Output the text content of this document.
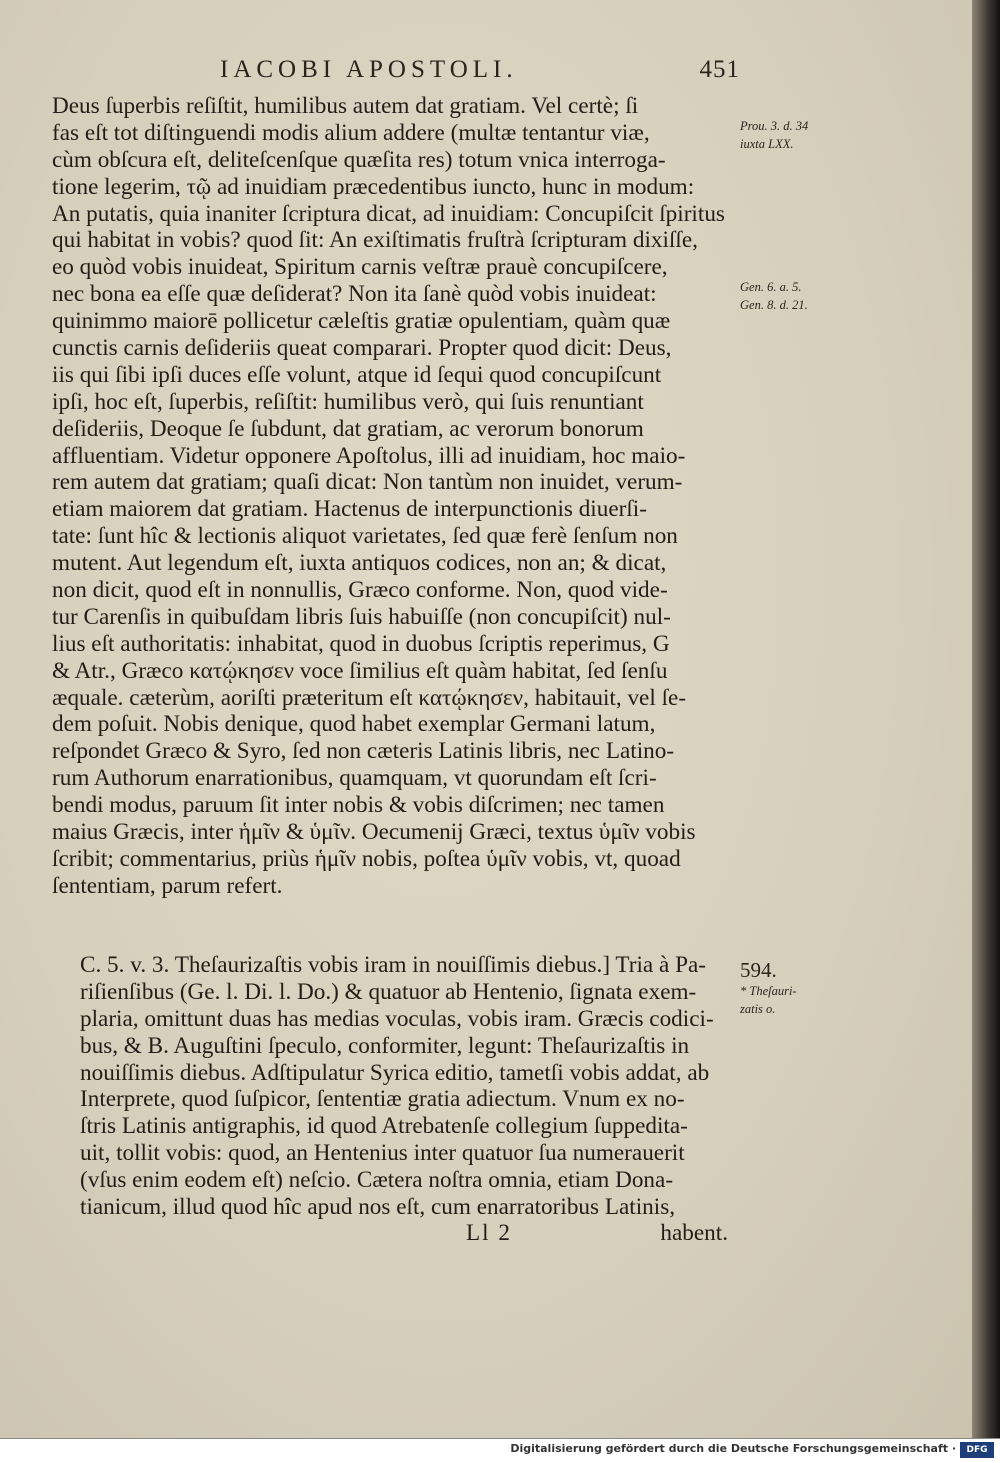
IACOBI APOSTOLI.	451
Deus ſuperbis reſiſtit, humilibus autem dat gratiam. Vel certè; ſi
fas eſt tot diſtinguendi modis alium addere (multæ tentantur viæ,
cùm obſcura eſt, deliteſcenſque quæſita res) totum vnica interroga-
tione legerim, τῷ ad inuidiam præcedentibus iuncto, hunc in modum:
An putatis, quia inaniter ſcriptura dicat, ad inuidiam: Concupiſcit ſpiritus
qui habitat in vobis? quod ſit: An exiſtimatis fruſtrà ſcripturam dixiſſe,
eo quòd vobis inuideat, Spiritum carnis veſtræ prauè concupiſcere,
nec bona ea eſſe quæ deſiderat? Non ita ſanè quòd vobis inuideat:
quinimmo maiorē pollicetur cæleſtis gratiæ opulentiam, quàm quæ
cunctis carnis deſideriis queat comparari. Propter quod dicit: Deus,
iis qui ſibi ipſi duces eſſe volunt, atque id ſequi quod concupiſcunt
ipſi, hoc eſt, ſuperbis, reſiſtit: humilibus verò, qui ſuis renuntiant
deſideriis, Deoque ſe ſubdunt, dat gratiam, ac verorum bonorum
affluentiam. Videtur opponere Apoſtolus, illi ad inuidiam, hoc maio-
rem autem dat gratiam; quaſi dicat: Non tantùm non inuidet, verum-
etiam maiorem dat gratiam. Hactenus de interpunctionis diuerſi-
tate: ſunt hîc & lectionis aliquot varietates, ſed quæ ferè ſenſum non
mutent. Aut legendum eſt, iuxta antiquos codices, non an; & dicat,
non dicit, quod eſt in nonnullis, Græco conforme. Non, quod vide-
tur Carenſis in quibuſdam libris ſuis habuiſſe (non concupiſcit) nul-
lius eſt authoritatis: inhabitat, quod in duobus ſcriptis reperimus, G
& Atr., Græco κατῴκησεν voce ſimilius eſt quàm habitat, ſed ſenſu
æquale. cæterùm, aoriſti præteritum eſt κατῴκησεν, habitauit, vel ſe-
dem poſuit. Nobis denique, quod habet exemplar Germani latum,
reſpondet Græco & Syro, ſed non cæteris Latinis libris, nec Latino-
rum Authorum enarrationibus, quamquam, vt quorundam eſt ſcri-
bendi modus, paruum ſit inter nobis & vobis diſcrimen; nec tamen
maius Græcis, inter ἡμῖν & ὑμῖν. Oecumenij Græci, textus ὑμῖν vobis
ſcribit; commentarius, priùs ἡμῖν nobis, poſtea ὑμῖν vobis, vt, quoad
ſententiam, parum refert.
C. 5. v. 3. Theſaurizaſtis vobis iram in nouiſſimis diebus.] Tria à Pa-
riſienſibus (Ge. l. Di. l. Do.) & quatuor ab Hentenio, ſignata exem-
plaria, omittunt duas has medias voculas, vobis iram. Græcis codici-
bus, & B. Auguſtini ſpeculo, conformiter, legunt: Theſaurizaſtis in
nouiſſimis diebus. Adſtipulatur Syrica editio, tametſi vobis addat, ab
Interprete, quod ſuſpicor, ſententiæ gratia adiectum. Vnum ex no-
ſtris Latinis antigraphis, id quod Atrebatenſe collegium ſuppedita-
uit, tollit vobis: quod, an Hentenius inter quatuor ſua numerauerit
(vſus enim eodem eſt) neſcio. Cætera noſtra omnia, etiam Dona-
tianicum, illud quod hîc apud nos eſt, cum enarratoribus Latinis,
Prou. 3. d. 34
iuxta LXX.
Gen. 6. a. 5.
Gen. 8. d. 21.
594.
* Theſauri-
zatis o.
Ll 2	habent.
Digitalisierung gefördert durch die Deutsche Forschungsgemeinschaft ·	DFG
